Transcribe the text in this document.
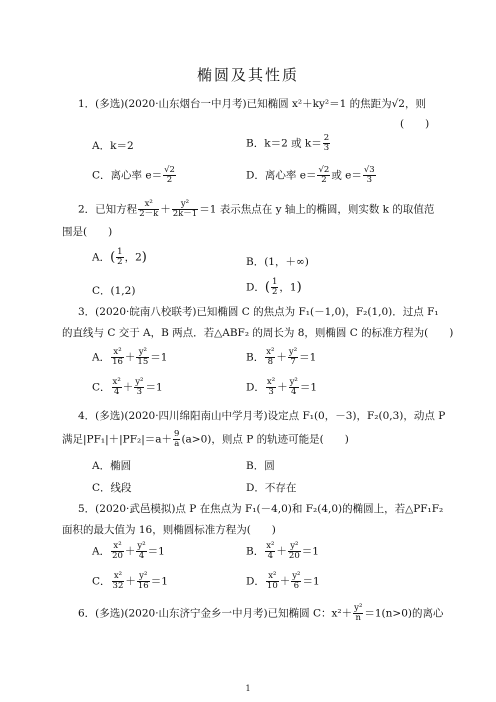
椭圆及其性质
1．(多选)(2020·山东烟台一中月考)已知椭圆 x²＋ky²＝1 的焦距为√2，则
(　　)
A．k＝2	B．k＝2 或 $k= \frac{2}{3}$
C．离心率 $e= \frac{√2}{2}$	D．离心率 $e= \frac{√2}{2}$ 或 $e= \frac{√3}{3}$
2．已知方程 $\frac{\text{x²}}{2-k} + \frac{\text{y²}}{2k-1} =1$ 表示焦点在 y 轴上的椭圆，则实数 k 的取值范
围是(　　)
A．( $\frac{1}{2}$ ，2)	B．(1，＋∞)
C．(1,2)	D．( $\frac{1}{2}$ ，1)
3．(2020·皖南八校联考)已知椭圆 C 的焦点为 F₁(－1,0)，F₂(1,0)．过点 F₁
的直线与 C 交于 A，B 两点．若△ABF₂ 的周长为 8，则椭圆 C 的标准方程为(　　)
A． $\frac{\text{x²}}{16} + \frac{\text{y²}}{15} =1$	B． $\frac{\text{x²}}{8} + \frac{\text{y²}}{7} =1$
C． $\frac{\text{x²}}{4} + \frac{\text{y²}}{3} =1$	D． $\frac{\text{x²}}{3} + \frac{\text{y²}}{4} =1$
4．(多选)(2020·四川绵阳南山中学月考)设定点 F₁(0，－3)，F₂(0,3)，动点 P
满足$|PF_1|+|PF_2|=a+ \frac{9}{a} (a>0)$，则点 P 的轨迹可能是(　　)
A．椭圆	B．圆
C．线段	D．不存在
5．(2020·武邑模拟)点 P 在焦点为 F₁(－4,0)和 F₂(4,0)的椭圆上，若△PF₁F₂
面积的最大值为 16，则椭圆标准方程为(　　)
A． $\frac{\text{x²}}{20} + \frac{\text{y²}}{4} =1$	B． $\frac{\text{x²}}{4} + \frac{\text{y²}}{20} =1$
C． $\frac{\text{x²}}{32} + \frac{\text{y²}}{16} =1$	D． $\frac{\text{x²}}{10} + \frac{\text{y²}}{6} =1$
6．(多选)(2020·山东济宁金乡一中月考)已知椭圆 C：$x^2+ \frac{\text{y²}}{n} =1(n>0)$的离心
1
